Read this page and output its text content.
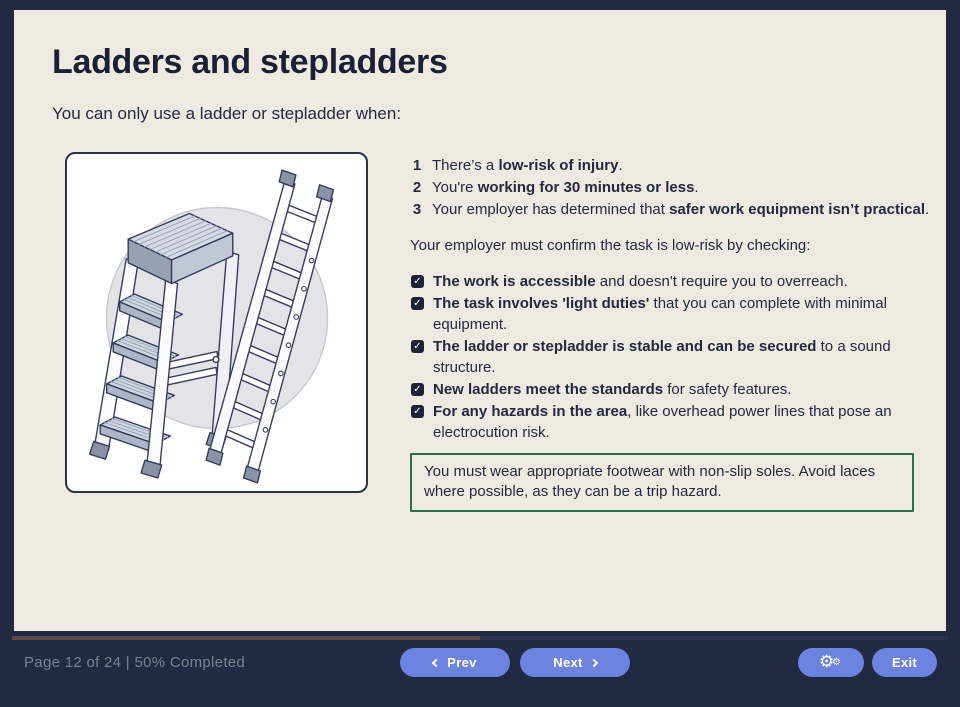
Ladders and stepladders
You can only use a ladder or stepladder when:
1 There’s a low-risk of injury.
2 You're working for 30 minutes or less.
3 Your employer has determined that safer work equipment isn’t practical.

Your employer must confirm the task is low-risk by checking:

✓ The work is accessible and doesn't require you to overreach.
✓ The task involves 'light duties' that you can complete with minimal equipment.
✓ The ladder or stepladder is stable and can be secured to a sound structure.
✓ New ladders meet the standards for safety features.
✓ For any hazards in the area, like overhead power lines that pose an electrocution risk.
You must wear appropriate footwear with non-slip soles. Avoid laces where possible, as they can be a trip hazard.
Page 12 of 24 | 50% Completed	Prev	Next	⚙
⚙	Exit
